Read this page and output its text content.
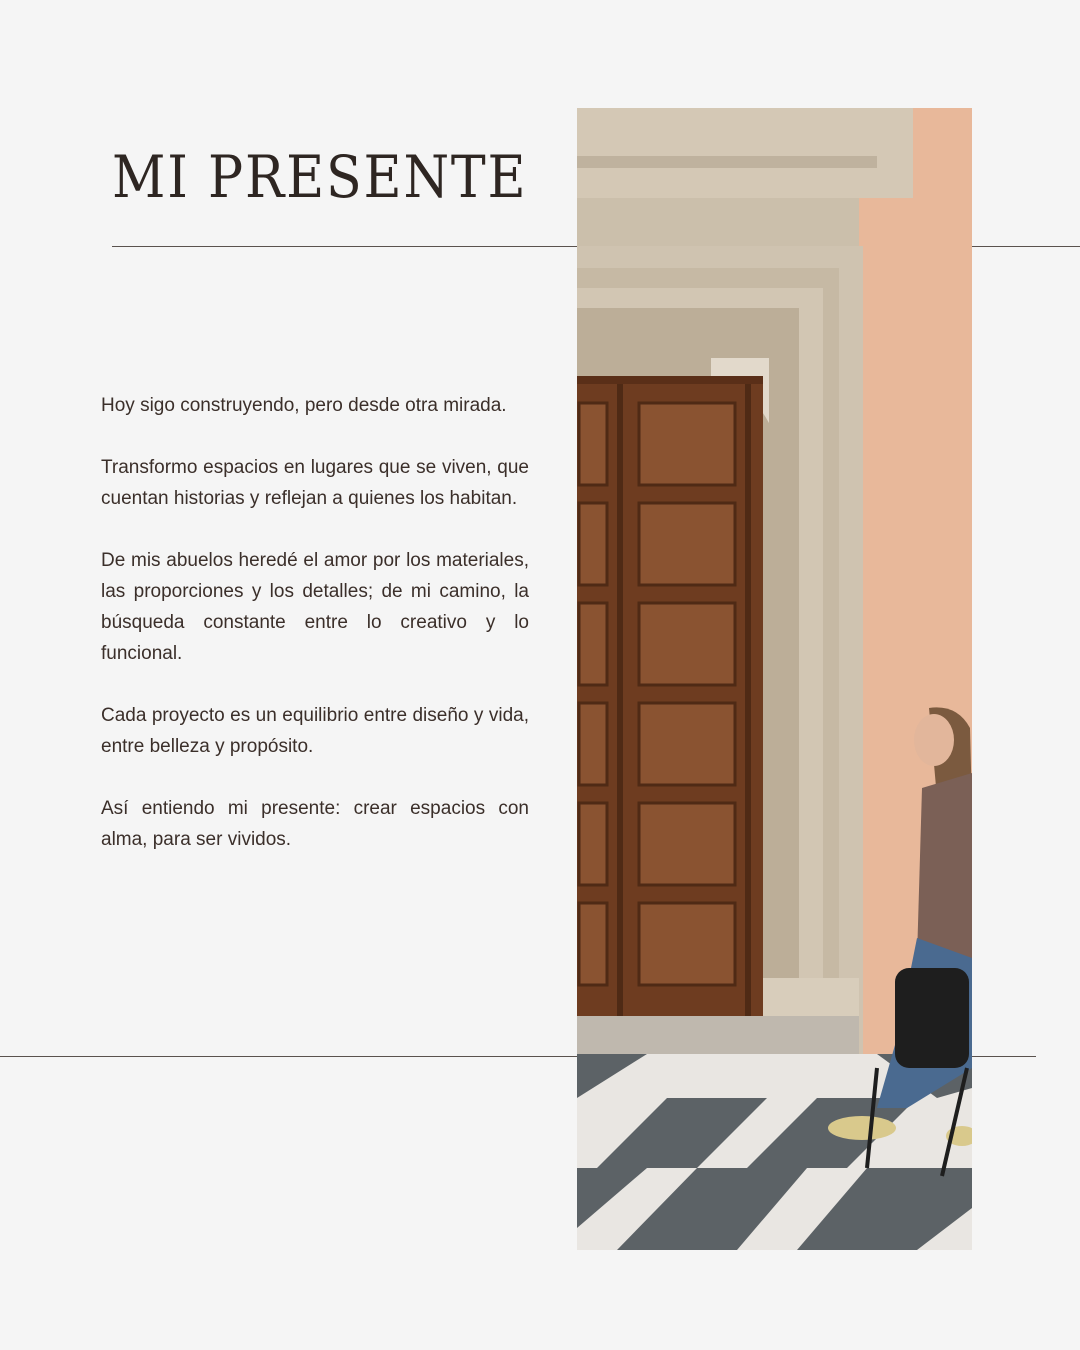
MI PRESENTE

Hoy sigo construyendo, pero desde otra mirada.

Transformo espacios en lugares que se viven, que cuentan historias y reflejan a quienes los habitan.

De mis abuelos heredé el amor por los materiales, las proporciones y los detalles; de mi camino, la búsqueda constante entre lo creativo y lo funcional.

Cada proyecto es un equilibrio entre diseño y vida, entre belleza y propósito.

Así entiendo mi presente: crear espacios con alma, para ser vividos.
